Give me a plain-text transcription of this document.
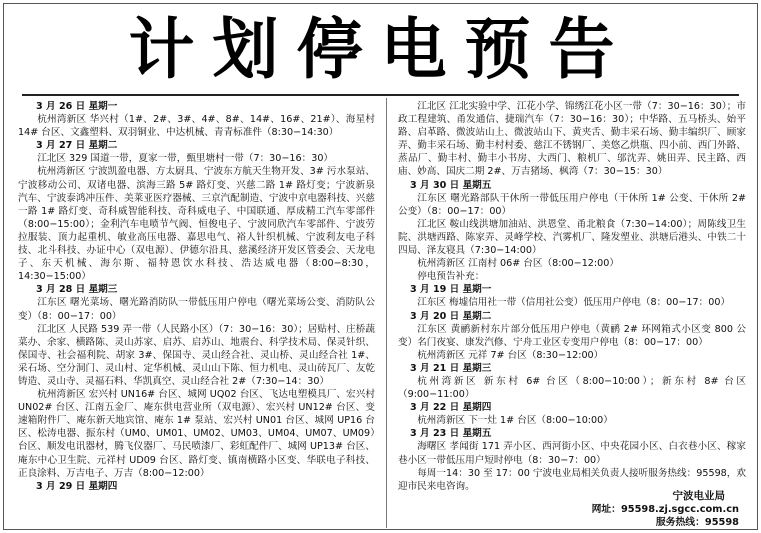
计划停电预告
3 月 26 日 星期一
杭州湾新区 华兴村（1#、2#、3#、4#、8#、14#、16#、21#）、海星村 14# 台区、文鑫塑料、双羽铜业、中达机械、青青标准件（8:30−14:30）
3 月 27 日 星期二
江北区 329 国道一带，夏家一带，甄里塘村一带（7：30−16：30）
杭州湾新区 宁波凯盈电器、方太厨具、宁波东方航天生物开发、3# 污水泵站、宁波移动公司、双诸电器、滨海三路 5# 路灯变、兴慈二路 1# 路灯变；宁波新泉汽车、宁波泰鸿冲压件、美莱亚医疗器械、三京汽配制造、宁波中京电器科技、兴慈一路 1# 路灯变、奇科威智能科技、奇科威电子、中国联通、厚成精工汽车零部件（8:00−15:00）；金利汽车电喷节气阀、恒俊电子、宁波同欣汽车零部件、宁波劳拉服装、顶力起重机、敏业高压电器、嘉思电气、裕人针织机械、宁波利友电子科技、北斗科技、办证中心（双电源）、伊德尔沿具、慈溪经济开发区管委会、天龙电子、东天机械、海尔斯、福特恩饮水科技、浩达威电器（8:00−8:30，14:30−15:00）
3 月 28 日 星期三
江东区 曙光菜场、曙光路消防队一带低压用户停电（曙光菜场公变、消防队公变）（8：00−17：00）
江北区 人民路 539 弄一带（人民路小区）（7：30−16：30）；居贴村、庄桥蔬菜办、余家、横路陈、灵山苏家、启苏、启苏山、地震台、科学技术局、保灵针织、保国寺、社会福利院、胡家 3#、保国寺、灵山经合社、灵山桥、灵山经合社 1#、采石场、空分洞门、灵山村、定华机械、灵山山下陈、恒力机电、灵山砖瓦厂、友乾铸造、灵山寺、灵福石料、华凯真空、灵山经合社 2#（7:30−14：30）
杭州湾新区 宏兴村 UN16# 台区、城网 UQ02 台区、飞达电塑模具厂、宏兴村 UN02# 台区、江南五金厂、庵东供电营业所（双电源）、宏兴村 UN12# 台区、变速箱附件厂、庵东新天地宾馆、庵东 1# 泵站、宏兴村 UN01 台区、城网 UP16 台区、松涛电器、振东村（UM0、UM01、UM02、UM03、UM04、UM07、UM09）台区、顺发电讯器材，腾飞仪器厂、马民喷漆厂、彩虹配件厂、城网 UP13# 台区、庵东中心卫生院、元祥村 UD09 台区、路灯变、镇南横路小区变、华联电子科技、正良涂料、万吉电子、万吉（8:00−12:00）
3 月 29 日 星期四
江北区 江北实验中学、江花小学、锦绣江花小区一带（7：30−16：30）；市政工程建筑、甬发通信、捷瑞汽车（7：30−16：30）；中华路、五马桥头、始平路、启革路、微波站山上、微波站山下、黄夹舌、勤丰采石场、勤丰编织厂、顾家弄、勤丰采石场、勤丰村村委、慈江不锈钢厂、美悠乙烘瓶、四小前、西门外路、蒸品厂、勤丰村、勤丰小书房、大西门、粮机厂、邬沈弄、姚田弄、民主路、西庙、妙高、国庆二期 2#、万吉猪场、枫湾（7：30−15：30）
3 月 30 日 星期五
江东区 曙光路部队干休所一带低压用户停电（干休所 1# 公变、干休所 2# 公变）（8：00−17：00）
江北区 鞍山线洪塘加油站、洪恩堂、甬北粮食（7:30−14:00）；周陈线卫生院、洪塘西路、陈家弄、灵峰学校、汽雾机厂、隆发塑业、洪塘后港头、中铁二十四局、泽友寝具（7:30−14:00）
杭州湾新区 江南村 06# 台区（8:00−12:00）
停电预告补充：
3 月 19 日 星期一
江东区 梅墟信用社一带（信用社公变）低压用户停电（8：00−17：00）
3 月 20 日 星期二
江东区 黄鹂新村东片部分低压用户停电（黄鹂 2# 环网箱式小区变 800 公变）名门夜宴、康发汽修、宁舟工业区专变用户停电（8：00−17：00）
杭州湾新区 元祥 7# 台区（8:30−12:00）
3 月 21 日 星期三
杭州湾新区 新东村 6# 台区（8:00−10:00）；新东村 8# 台区（9:00−11:00）
3 月 22 日 星期四
杭州湾新区 下一灶 1# 台区（8:00−10:00）
3 月 23 日 星期五
海曙区 孝闻街 171 弄小区、西河街小区、中央花园小区、白衣巷小区、稼家巷小区一带低压用户短时停电（8：30−7：00）
每周一14：30 至 17：00 宁波电业局相关负责人接听服务热线：95598，欢迎市民来电咨询。
宁波电业局
网址：95598.zj.sgcc.com.cn
服务热线：95598
